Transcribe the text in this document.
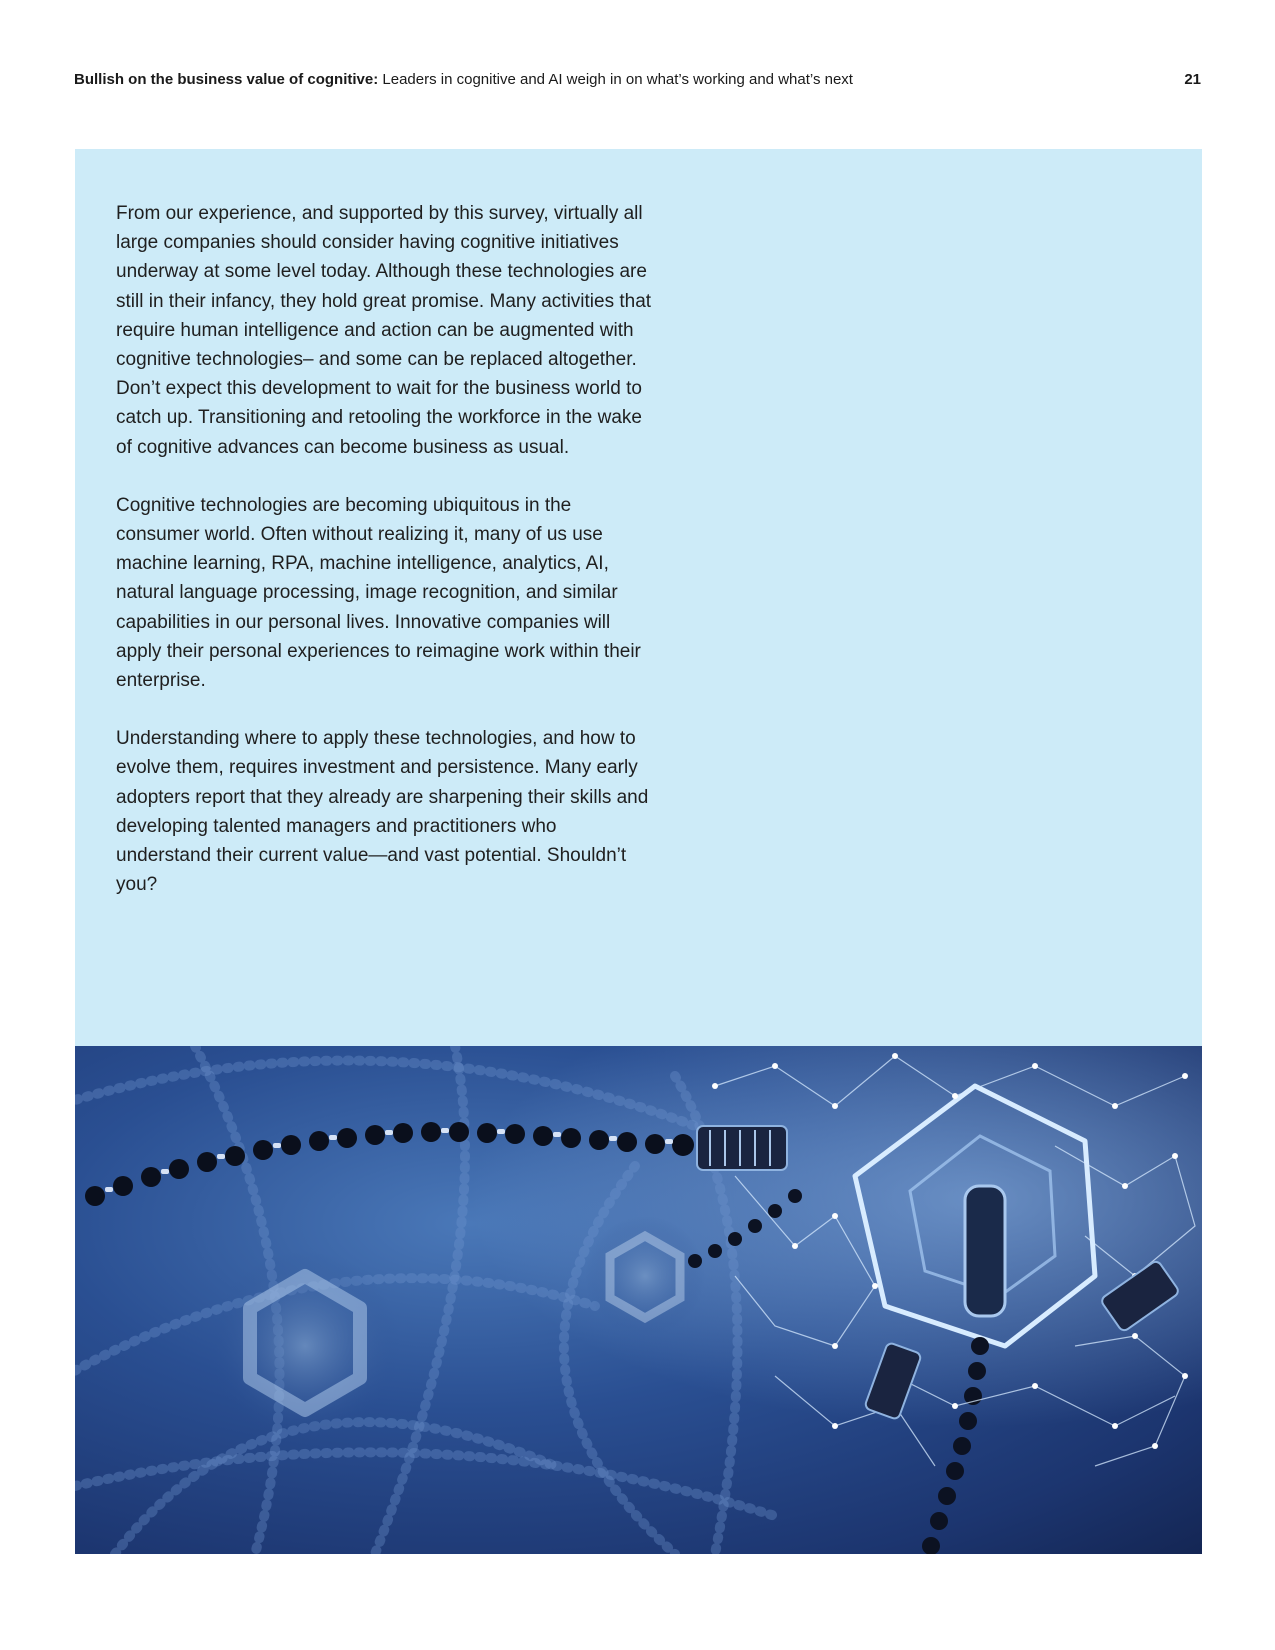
Bullish on the business value of cognitive: Leaders in cognitive and AI weigh in on what’s working and what’s next	21

From our experience, and supported by this survey, virtually all large companies should consider having cognitive initiatives underway at some level today. Although these technologies are still in their infancy, they hold great promise. Many activities that require human intelligence and action can be augmented with cognitive technologies– and some can be replaced altogether. Don’t expect this development to wait for the business world to catch up. Transitioning and retooling the workforce in the wake of cognitive advances can become business as usual.

Cognitive technologies are becoming ubiquitous in the consumer world. Often without realizing it, many of us use machine learning, RPA, machine intelligence, analytics, AI, natural language processing, image recognition, and similar capabilities in our personal lives. Innovative companies will apply their personal experiences to reimagine work within their enterprise.

Understanding where to apply these technologies, and how to evolve them, requires investment and persistence. Many early adopters report that they already are sharpening their skills and developing talented managers and practitioners who understand their current value—and vast potential. Shouldn’t you?
